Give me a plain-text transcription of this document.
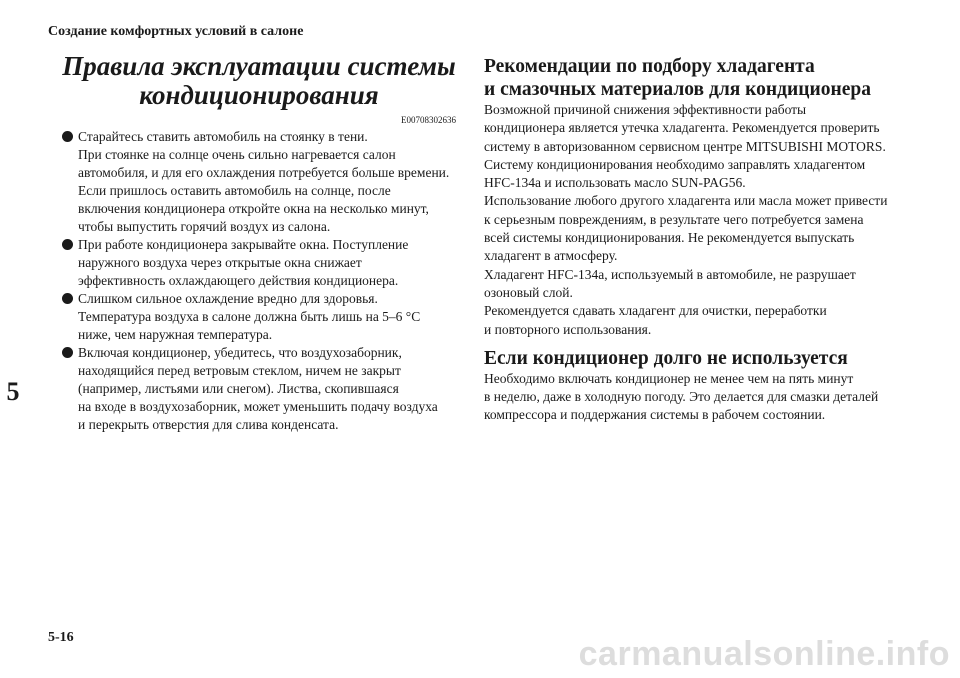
Создание комфортных условий в салоне
5
Правила эксплуатации системы
кондиционирования
E00708302636
Старайтесь ставить автомобиль на стоянку в тени.
При стоянке на солнце очень сильно нагревается салон
автомобиля, и для его охлаждения потребуется больше времени.
Если пришлось оставить автомобиль на солнце, после
включения кондиционера откройте окна на несколько минут,
чтобы выпустить горячий воздух из салона.
При работе кондиционера закрывайте окна. Поступление
наружного воздуха через открытые окна снижает
эффективность охлаждающего действия кондиционера.
Слишком сильное охлаждение вредно для здоровья.
Температура воздуха в салоне должна быть лишь на 5–6 °C
ниже, чем наружная температура.
Включая кондиционер, убедитесь, что воздухозаборник,
находящийся перед ветровым стеклом, ничем не закрыт
(например, листьями или снегом). Листва, скопившаяся
на входе в воздухозаборник, может уменьшить подачу воздуха
и перекрыть отверстия для слива конденсата.
Рекомендации по подбору хладагента
и смазочных материалов для кондиционера

Возможной причиной снижения эффективности работы
кондиционера является утечка хладагента. Рекомендуется проверить
систему в авторизованном сервисном центре MITSUBISHI MOTORS.
Систему кондиционирования необходимо заправлять хладагентом
HFC-134a и использовать масло SUN-PAG56.
Использование любого другого хладагента или масла может привести
к серьезным повреждениям, в результате чего потребуется замена
всей системы кондиционирования. Не рекомендуется выпускать
хладагент в атмосферу.
Хладагент HFC-134a, используемый в автомобиле, не разрушает
озоновый слой.
Рекомендуется сдавать хладагент для очистки, переработки
и повторного использования.

Если кондиционер долго не используется

Необходимо включать кондиционер не менее чем на пять минут
в неделю, даже в холодную погоду. Это делается для смазки деталей
компрессора и поддержания системы в рабочем состоянии.

5-16	carmanualsonline.info
